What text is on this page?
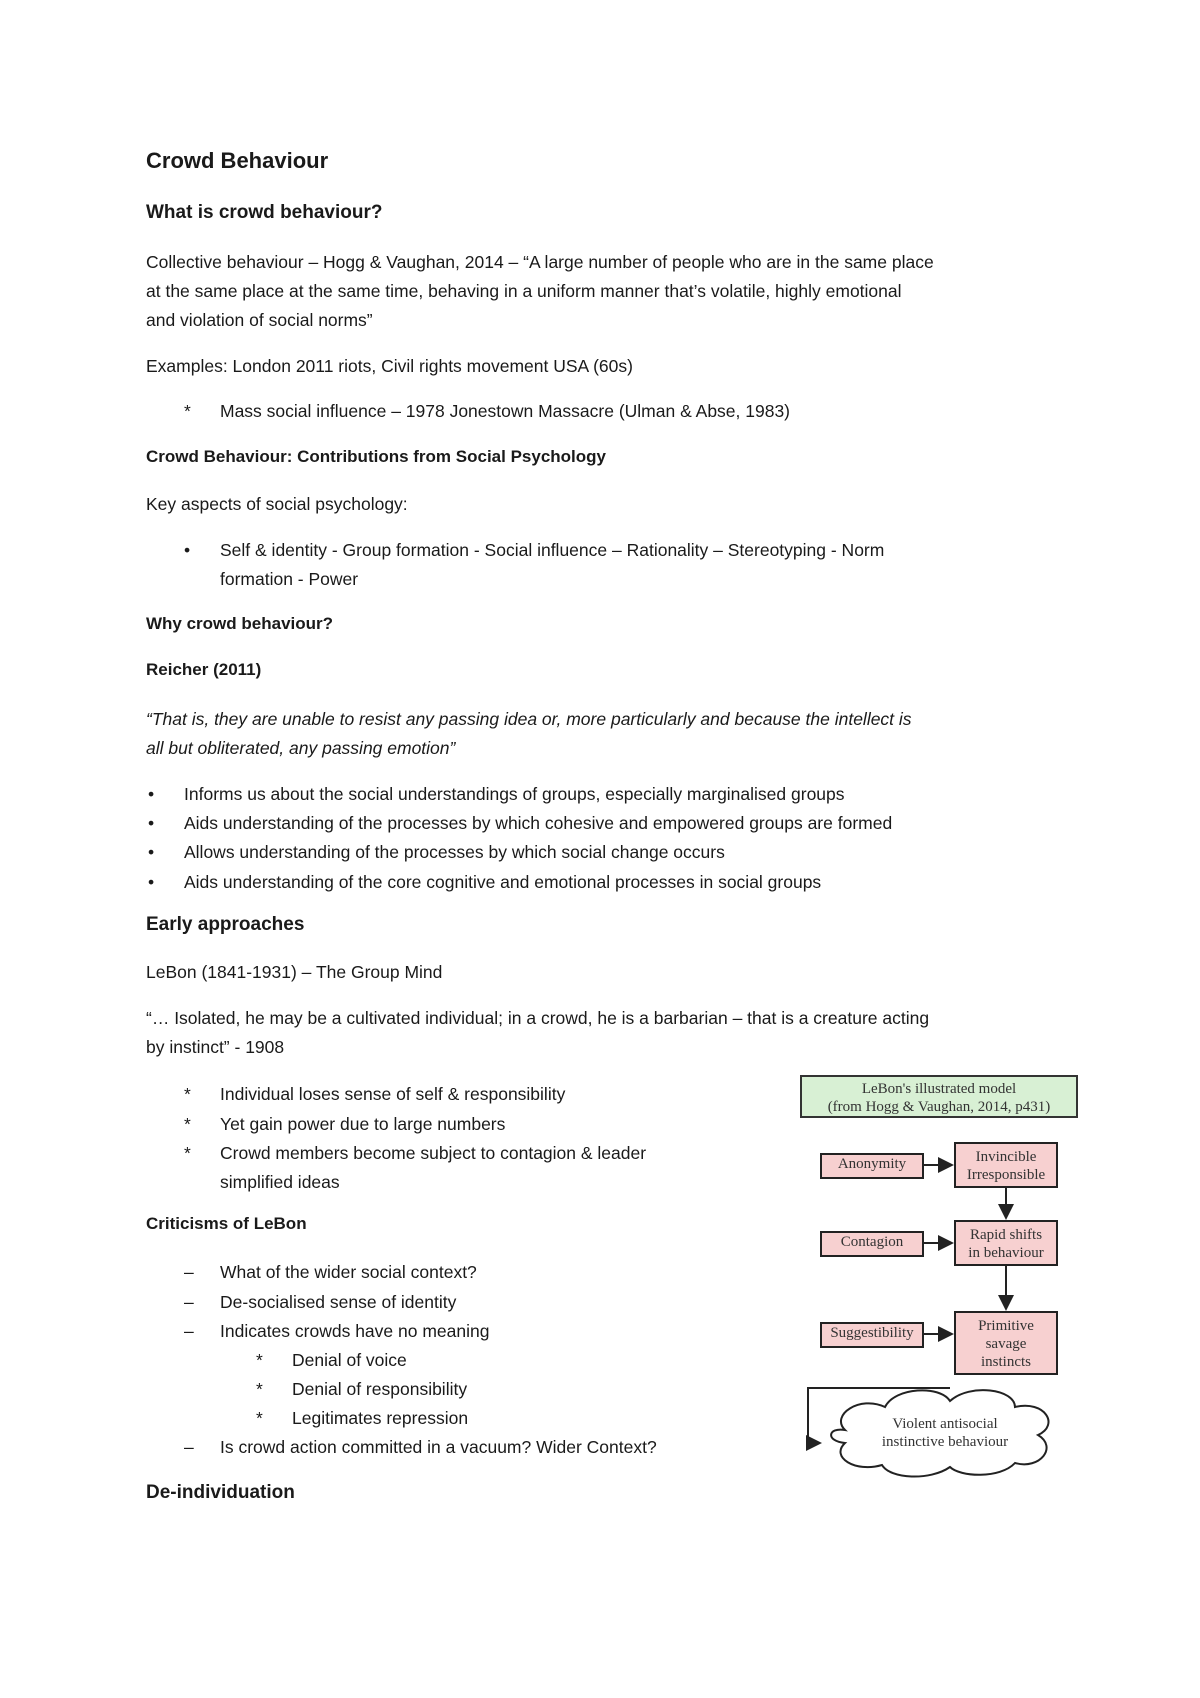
Crowd Behaviour
What is crowd behaviour?
Collective behaviour – Hogg & Vaughan, 2014 – “A large number of people who are in the same place
at the same place at the same time, behaving in a uniform manner that’s volatile, highly emotional
and violation of social norms”
Examples: London 2011 riots, Civil rights movement USA (60s)
* Mass social influence – 1978 Jonestown Massacre (Ulman & Abse, 1983)
Crowd Behaviour: Contributions from Social Psychology
Key aspects of social psychology:
• Self & identity - Group formation - Social influence – Rationality – Stereotyping - Norm
formation - Power
Why crowd behaviour?
Reicher (2011)
“That is, they are unable to resist any passing idea or, more particularly and because the intellect is
all but obliterated, any passing emotion”
• Informs us about the social understandings of groups, especially marginalised groups
• Aids understanding of the processes by which cohesive and empowered groups are formed
• Allows understanding of the processes by which social change occurs
• Aids understanding of the core cognitive and emotional processes in social groups
Early approaches
LeBon (1841-1931) – The Group Mind
“… Isolated, he may be a cultivated individual; in a crowd, he is a barbarian – that is a creature acting
by instinct” - 1908
* Individual loses sense of self & responsibility
* Yet gain power due to large numbers
* Crowd members become subject to contagion & leader
simplified ideas
Criticisms of LeBon
– What of the wider social context?
– De-socialised sense of identity
– Indicates crowds have no meaning
* Denial of voice
* Denial of responsibility
* Legitimates repression
– Is crowd action committed in a vacuum? Wider Context?
De-individuation
LeBon's illustrated model
(from Hogg & Vaughan, 2014, p431)
Anonymity
Contagion
Suggestibility
Invincible
Irresponsible
Rapid shifts
in behaviour
Primitive
savage
instincts
Violent antisocial
instinctive behaviour
